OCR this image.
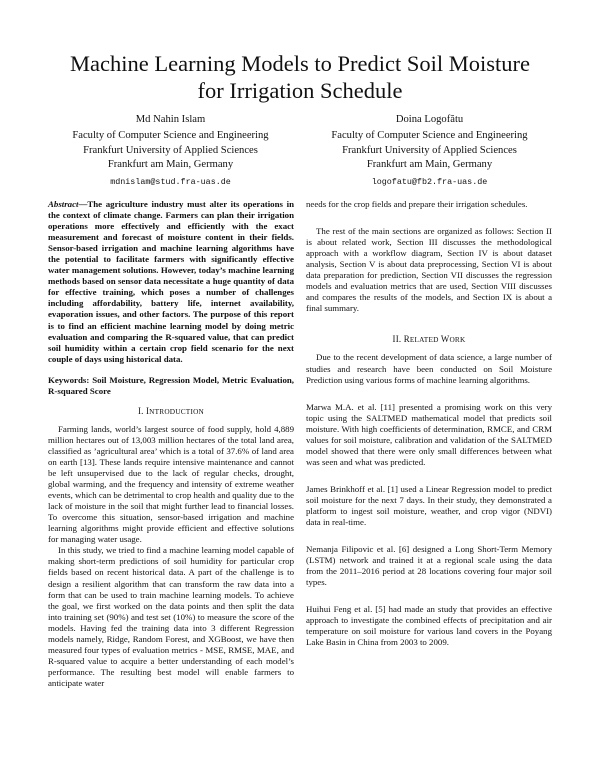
Machine Learning Models to Predict Soil Moisture
for Irrigation Schedule
Md Nahin Islam
Faculty of Computer Science and Engineering
Frankfurt University of Applied Sciences
Frankfurt am Main, Germany
mdnislam@stud.fra-uas.de
Doina Logofătu
Faculty of Computer Science and Engineering
Frankfurt University of Applied Sciences
Frankfurt am Main, Germany
logofatu@fb2.fra-uas.de

Abstract—The agriculture industry must alter its operations in the context of climate change. Farmers can plan their irrigation operations more effectively and efficiently with the exact measurement and forecast of moisture content in their fields. Sensor-based irrigation and machine learning algorithms have the potential to facilitate farmers with significantly effective water management solutions. However, today’s machine learning methods based on sensor data necessitate a huge quantity of data for effective training, which poses a number of challenges including affordability, battery life, internet availability, evaporation issues, and other factors. The purpose of this report is to find an efficient machine learning model by doing metric evaluation and comparing the R-squared value, that can predict soil humidity within a certain crop field scenario for the next couple of days using historical data.

Keywords: Soil Moisture, Regression Model, Metric Evaluation, R-squared Score

I. INTRODUCTION

Farming lands, world’s largest source of food supply, hold 4,889 million hectares out of 13,003 million hectares of the total land area, classified as ’agricultural area’ which is a total of 37.6% of land area on earth [13]. These lands require intensive maintenance and cannot be left unsupervised due to the lack of regular checks, drought, global warming, and the frequency and intensity of extreme weather events, which can be detrimental to crop health and quality due to the lack of moisture in the soil that might further lead to financial losses. To overcome this situation, sensor-based irrigation and machine learning algorithms might provide efficient and effective solutions for managing water usage.

In this study, we tried to find a machine learning model capable of making short-term predictions of soil humidity for particular crop fields based on recent historical data. A part of the challenge is to design a resilient algorithm that can transform the raw data into a form that can be used to train machine learning models. To achieve the goal, we first worked on the data points and then split the data into training set (90%) and test set (10%) to measure the score of the models. Having fed the training data into 3 different Regression models namely, Ridge, Random Forest, and XGBoost, we have then measured four types of evaluation metrics - MSE, RMSE, MAE, and R-squared value to acquire a better understanding of each model’s performance. The resulting best model will enable farmers to anticipate water

needs for the crop fields and prepare their irrigation schedules.

The rest of the main sections are organized as follows: Section II is about related work, Section III discusses the methodological approach with a workflow diagram, Section IV is about dataset analysis, Section V is about data preprocessing, Section VI is about data preparation for prediction, Section VII discusses the regression models and evaluation metrics that are used, Section VIII discusses and compares the results of the models, and Section IX is about a final summary.

II. RELATED WORK

Due to the recent development of data science, a large number of studies and research have been conducted on Soil Moisture Prediction using various forms of machine learning algorithms.

Marwa M.A. et al. [11] presented a promising work on this very topic using the SALTMED mathematical model that predicts soil moisture. With high coefficients of determination, RMCE, and CRM values for soil moisture, calibration and validation of the SALTMED model showed that there were only small differences between what was seen and what was predicted.

James Brinkhoff et al. [1] used a Linear Regression model to predict soil moisture for the next 7 days. In their study, they demonstrated a platform to ingest soil moisture, weather, and crop vigor (NDVI) data in real-time.

Nemanja Filipovic et al. [6] designed a Long Short-Term Memory (LSTM) network and trained it at a regional scale using the data from the 2011–2016 period at 28 locations covering four major soil types.

Huihui Feng et al. [5] had made an study that provides an effective approach to investigate the combined effects of precipitation and air temperature on soil moisture for various land covers in the Poyang Lake Basin in China from 2003 to 2009.
